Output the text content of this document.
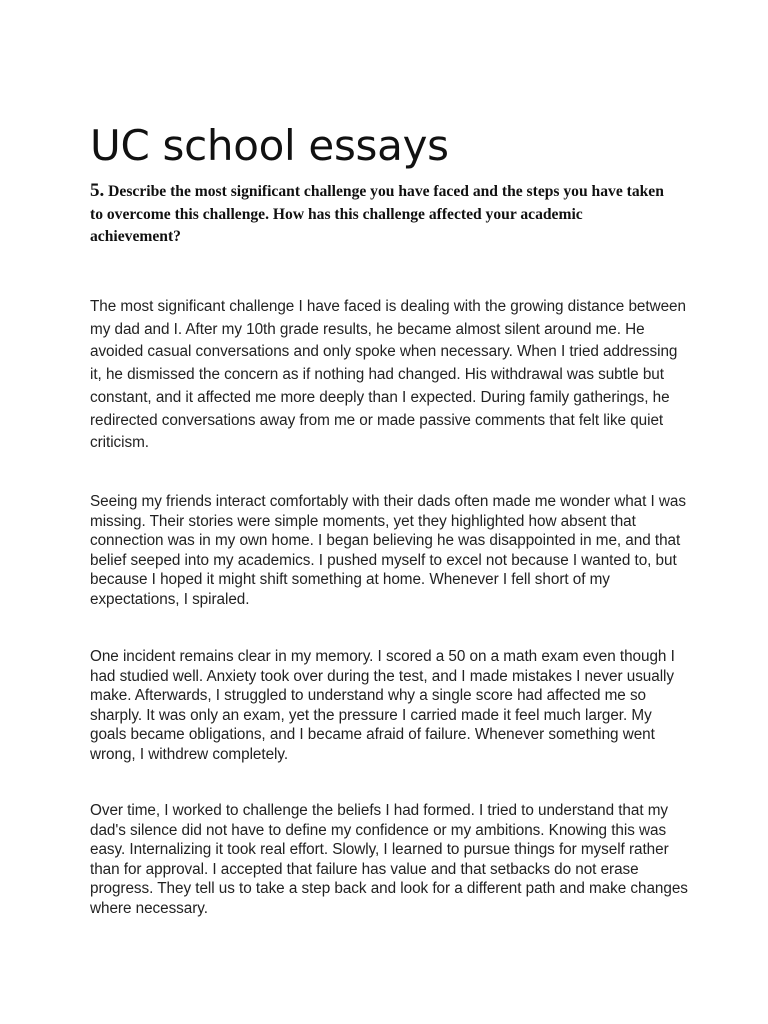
UC school essays

5. Describe the most significant challenge you have faced and the steps you have taken to overcome this challenge. How has this challenge affected your academic achievement?

The most significant challenge I have faced is dealing with the growing distance between my dad and I. After my 10th grade results, he became almost silent around me. He avoided casual conversations and only spoke when necessary. When I tried addressing it, he dismissed the concern as if nothing had changed. His withdrawal was subtle but constant, and it affected me more deeply than I expected. During family gatherings, he redirected conversations away from me or made passive comments that felt like quiet criticism.

Seeing my friends interact comfortably with their dads often made me wonder what I was missing. Their stories were simple moments, yet they highlighted how absent that connection was in my own home. I began believing he was disappointed in me, and that belief seeped into my academics. I pushed myself to excel not because I wanted to, but because I hoped it might shift something at home. Whenever I fell short of my expectations, I spiraled.

One incident remains clear in my memory. I scored a 50 on a math exam even though I had studied well. Anxiety took over during the test, and I made mistakes I never usually make. Afterwards, I struggled to understand why a single score had affected me so sharply. It was only an exam, yet the pressure I carried made it feel much larger. My goals became obligations, and I became afraid of failure. Whenever something went wrong, I withdrew completely.

Over time, I worked to challenge the beliefs I had formed. I tried to understand that my dad's silence did not have to define my confidence or my ambitions. Knowing this was easy. Internalizing it took real effort. Slowly, I learned to pursue things for myself rather than for approval. I accepted that failure has value and that setbacks do not erase progress. They tell us to take a step back and look for a different path and make changes where necessary.
